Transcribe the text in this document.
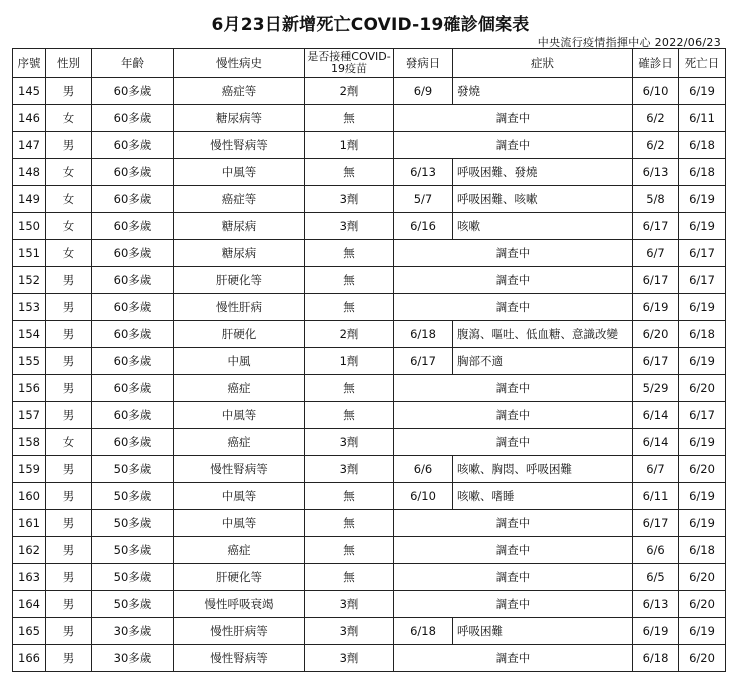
6月23日新增死亡COVID-19確診個案表
中央流行疫情指揮中心 2022/06/23
序號	性別	年齡	慢性病史	是否接種COVID-
19疫苗	發病日	症狀	確診日	死亡日
145	男	60多歲	癌症等	2劑	6/9	發燒	6/10	6/19
146	女	60多歲	糖尿病等	無	調查中		6/2	6/11
147	男	60多歲	慢性腎病等	1劑	調查中		6/2	6/18
148	女	60多歲	中風等	無	6/13	呼吸困難、發燒	6/13	6/18
149	女	60多歲	癌症等	3劑	5/7	呼吸困難、咳嗽	5/8	6/19
150	女	60多歲	糖尿病	3劑	6/16	咳嗽	6/17	6/19
151	女	60多歲	糖尿病	無	調查中		6/7	6/17
152	男	60多歲	肝硬化等	無	調查中		6/17	6/17
153	男	60多歲	慢性肝病	無	調查中		6/19	6/19
154	男	60多歲	肝硬化	2劑	6/18	腹瀉、嘔吐、低血糖、意識改變	6/20	6/18
155	男	60多歲	中風	1劑	6/17	胸部不適	6/17	6/19
156	男	60多歲	癌症	無	調查中		5/29	6/20
157	男	60多歲	中風等	無	調查中		6/14	6/17
158	女	60多歲	癌症	3劑	調查中		6/14	6/19
159	男	50多歲	慢性腎病等	3劑	6/6	咳嗽、胸悶、呼吸困難	6/7	6/20
160	男	50多歲	中風等	無	6/10	咳嗽、嗜睡	6/11	6/19
161	男	50多歲	中風等	無	調查中		6/17	6/19
162	男	50多歲	癌症	無	調查中		6/6	6/18
163	男	50多歲	肝硬化等	無	調查中		6/5	6/20
164	男	50多歲	慢性呼吸衰竭	3劑	調查中		6/13	6/20
165	男	30多歲	慢性肝病等	3劑	6/18	呼吸困難	6/19	6/19
166	男	30多歲	慢性腎病等	3劑	調查中		6/18	6/20
